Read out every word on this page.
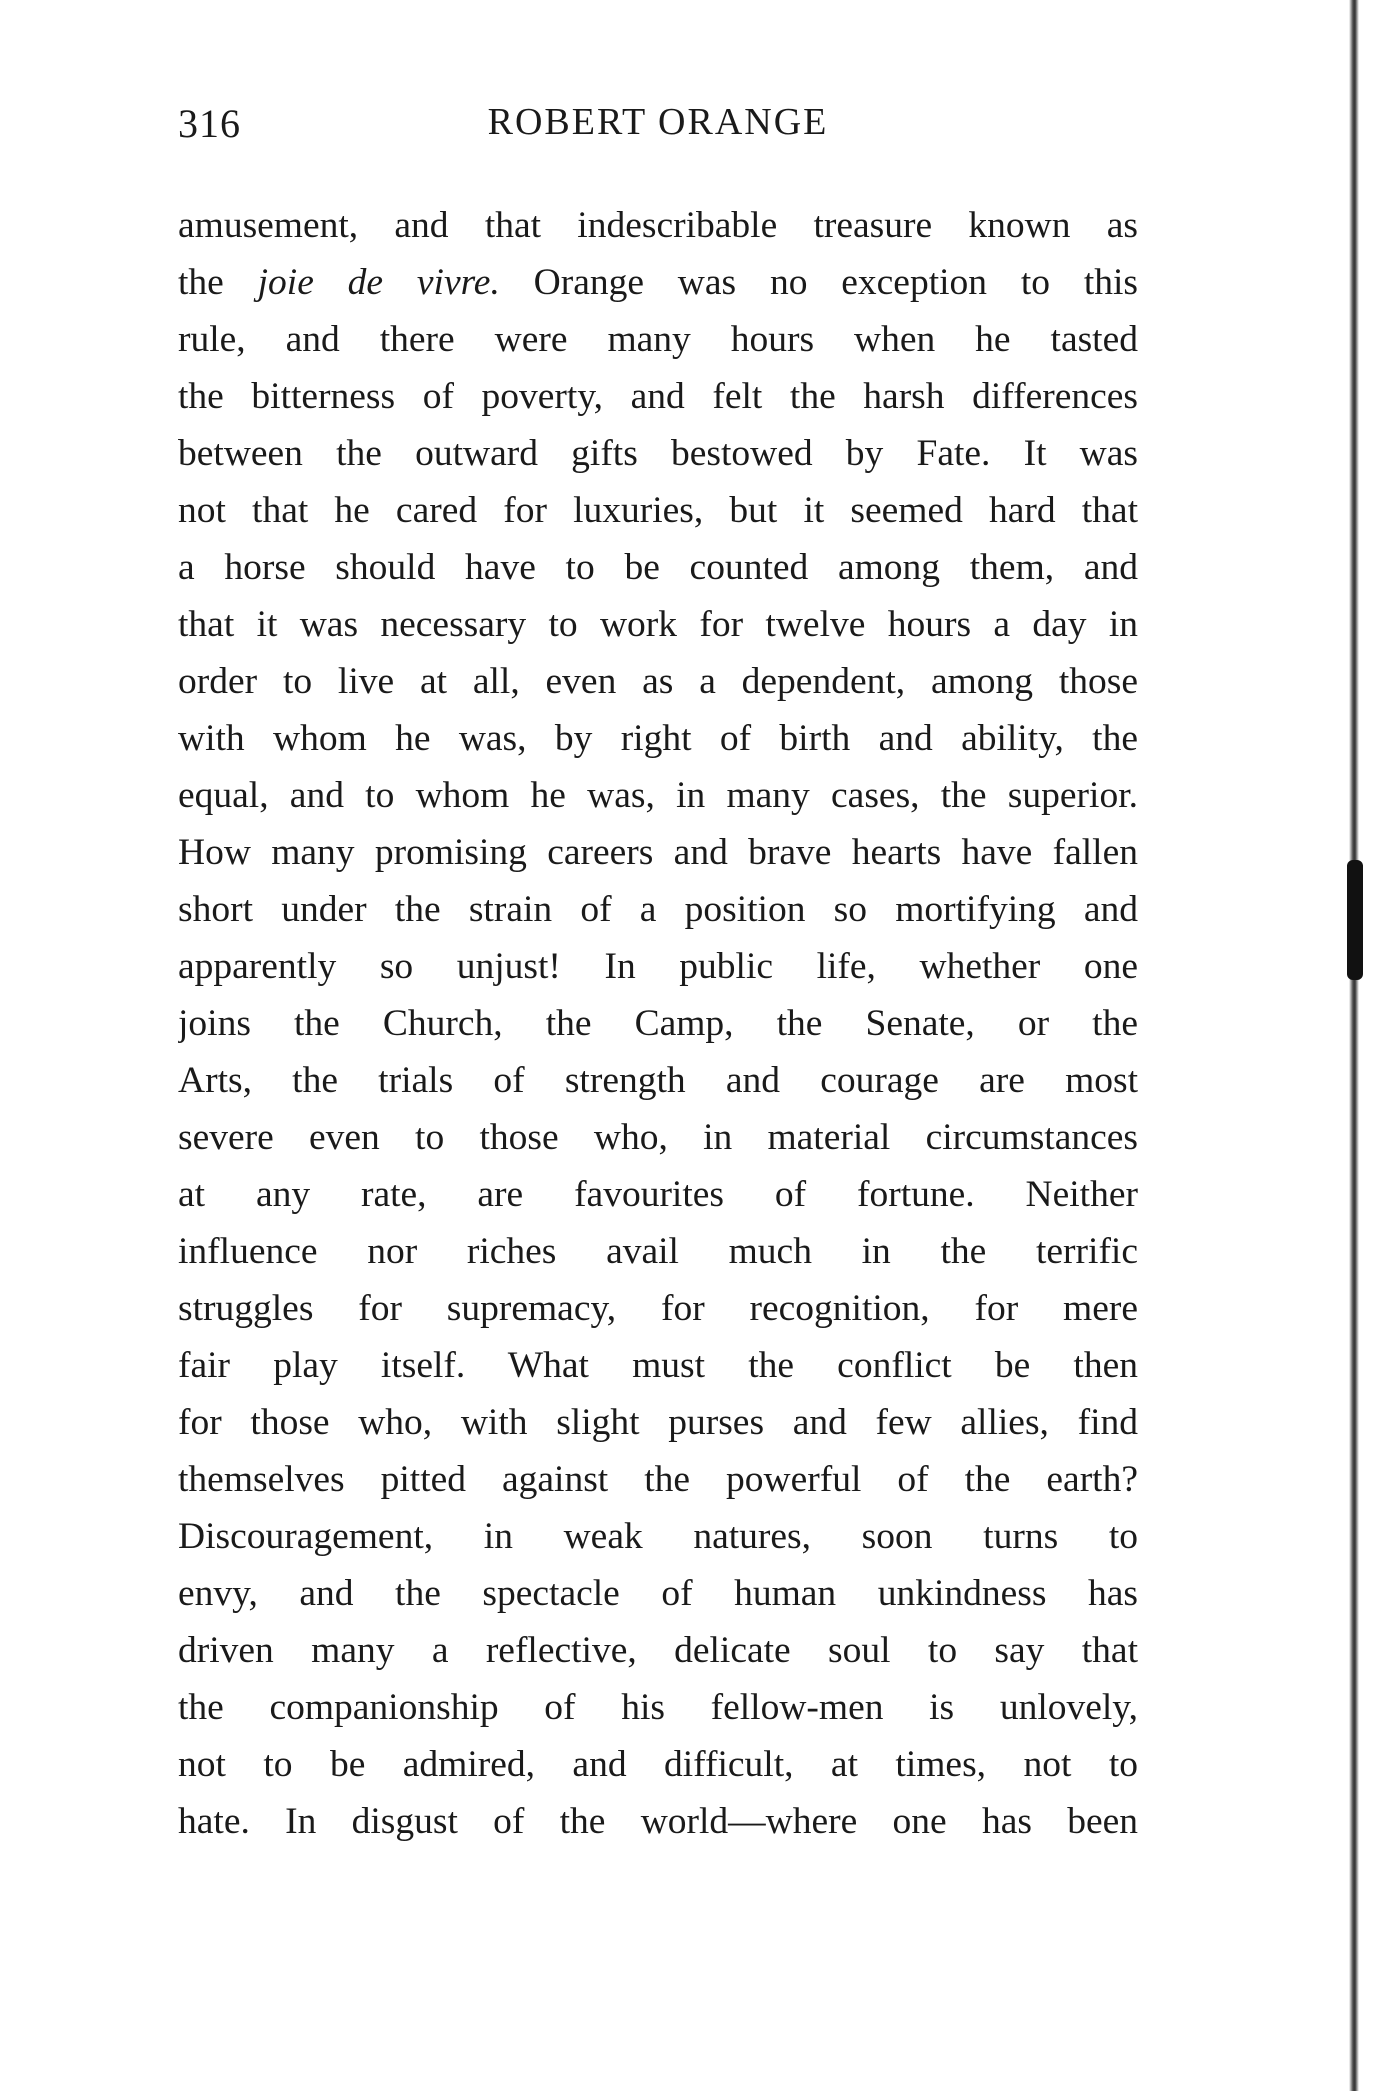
316	ROBERT ORANGE
amusement, and that indescribable treasure known as
the joie de vivre. Orange was no exception to this
rule, and there were many hours when he tasted
the bitterness of poverty, and felt the harsh differences
between the outward gifts bestowed by Fate. It was
not that he cared for luxuries, but it seemed hard that
a horse should have to be counted among them, and
that it was necessary to work for twelve hours a day in
order to live at all, even as a dependent, among those
with whom he was, by right of birth and ability, the
equal, and to whom he was, in many cases, the superior.
How many promising careers and brave hearts have fallen
short under the strain of a position so mortifying and
apparently so unjust! In public life, whether one
joins the Church, the Camp, the Senate, or the
Arts, the trials of strength and courage are most
severe even to those who, in material circumstances
at any rate, are favourites of fortune. Neither
influence nor riches avail much in the terrific
struggles for supremacy, for recognition, for mere
fair play itself. What must the conflict be then
for those who, with slight purses and few allies, find
themselves pitted against the powerful of the earth?
Discouragement, in weak natures, soon turns to
envy, and the spectacle of human unkindness has
driven many a reflective, delicate soul to say that
the companionship of his fellow-men is unlovely,
not to be admired, and difficult, at times, not to
hate. In disgust of the world—where one has been
